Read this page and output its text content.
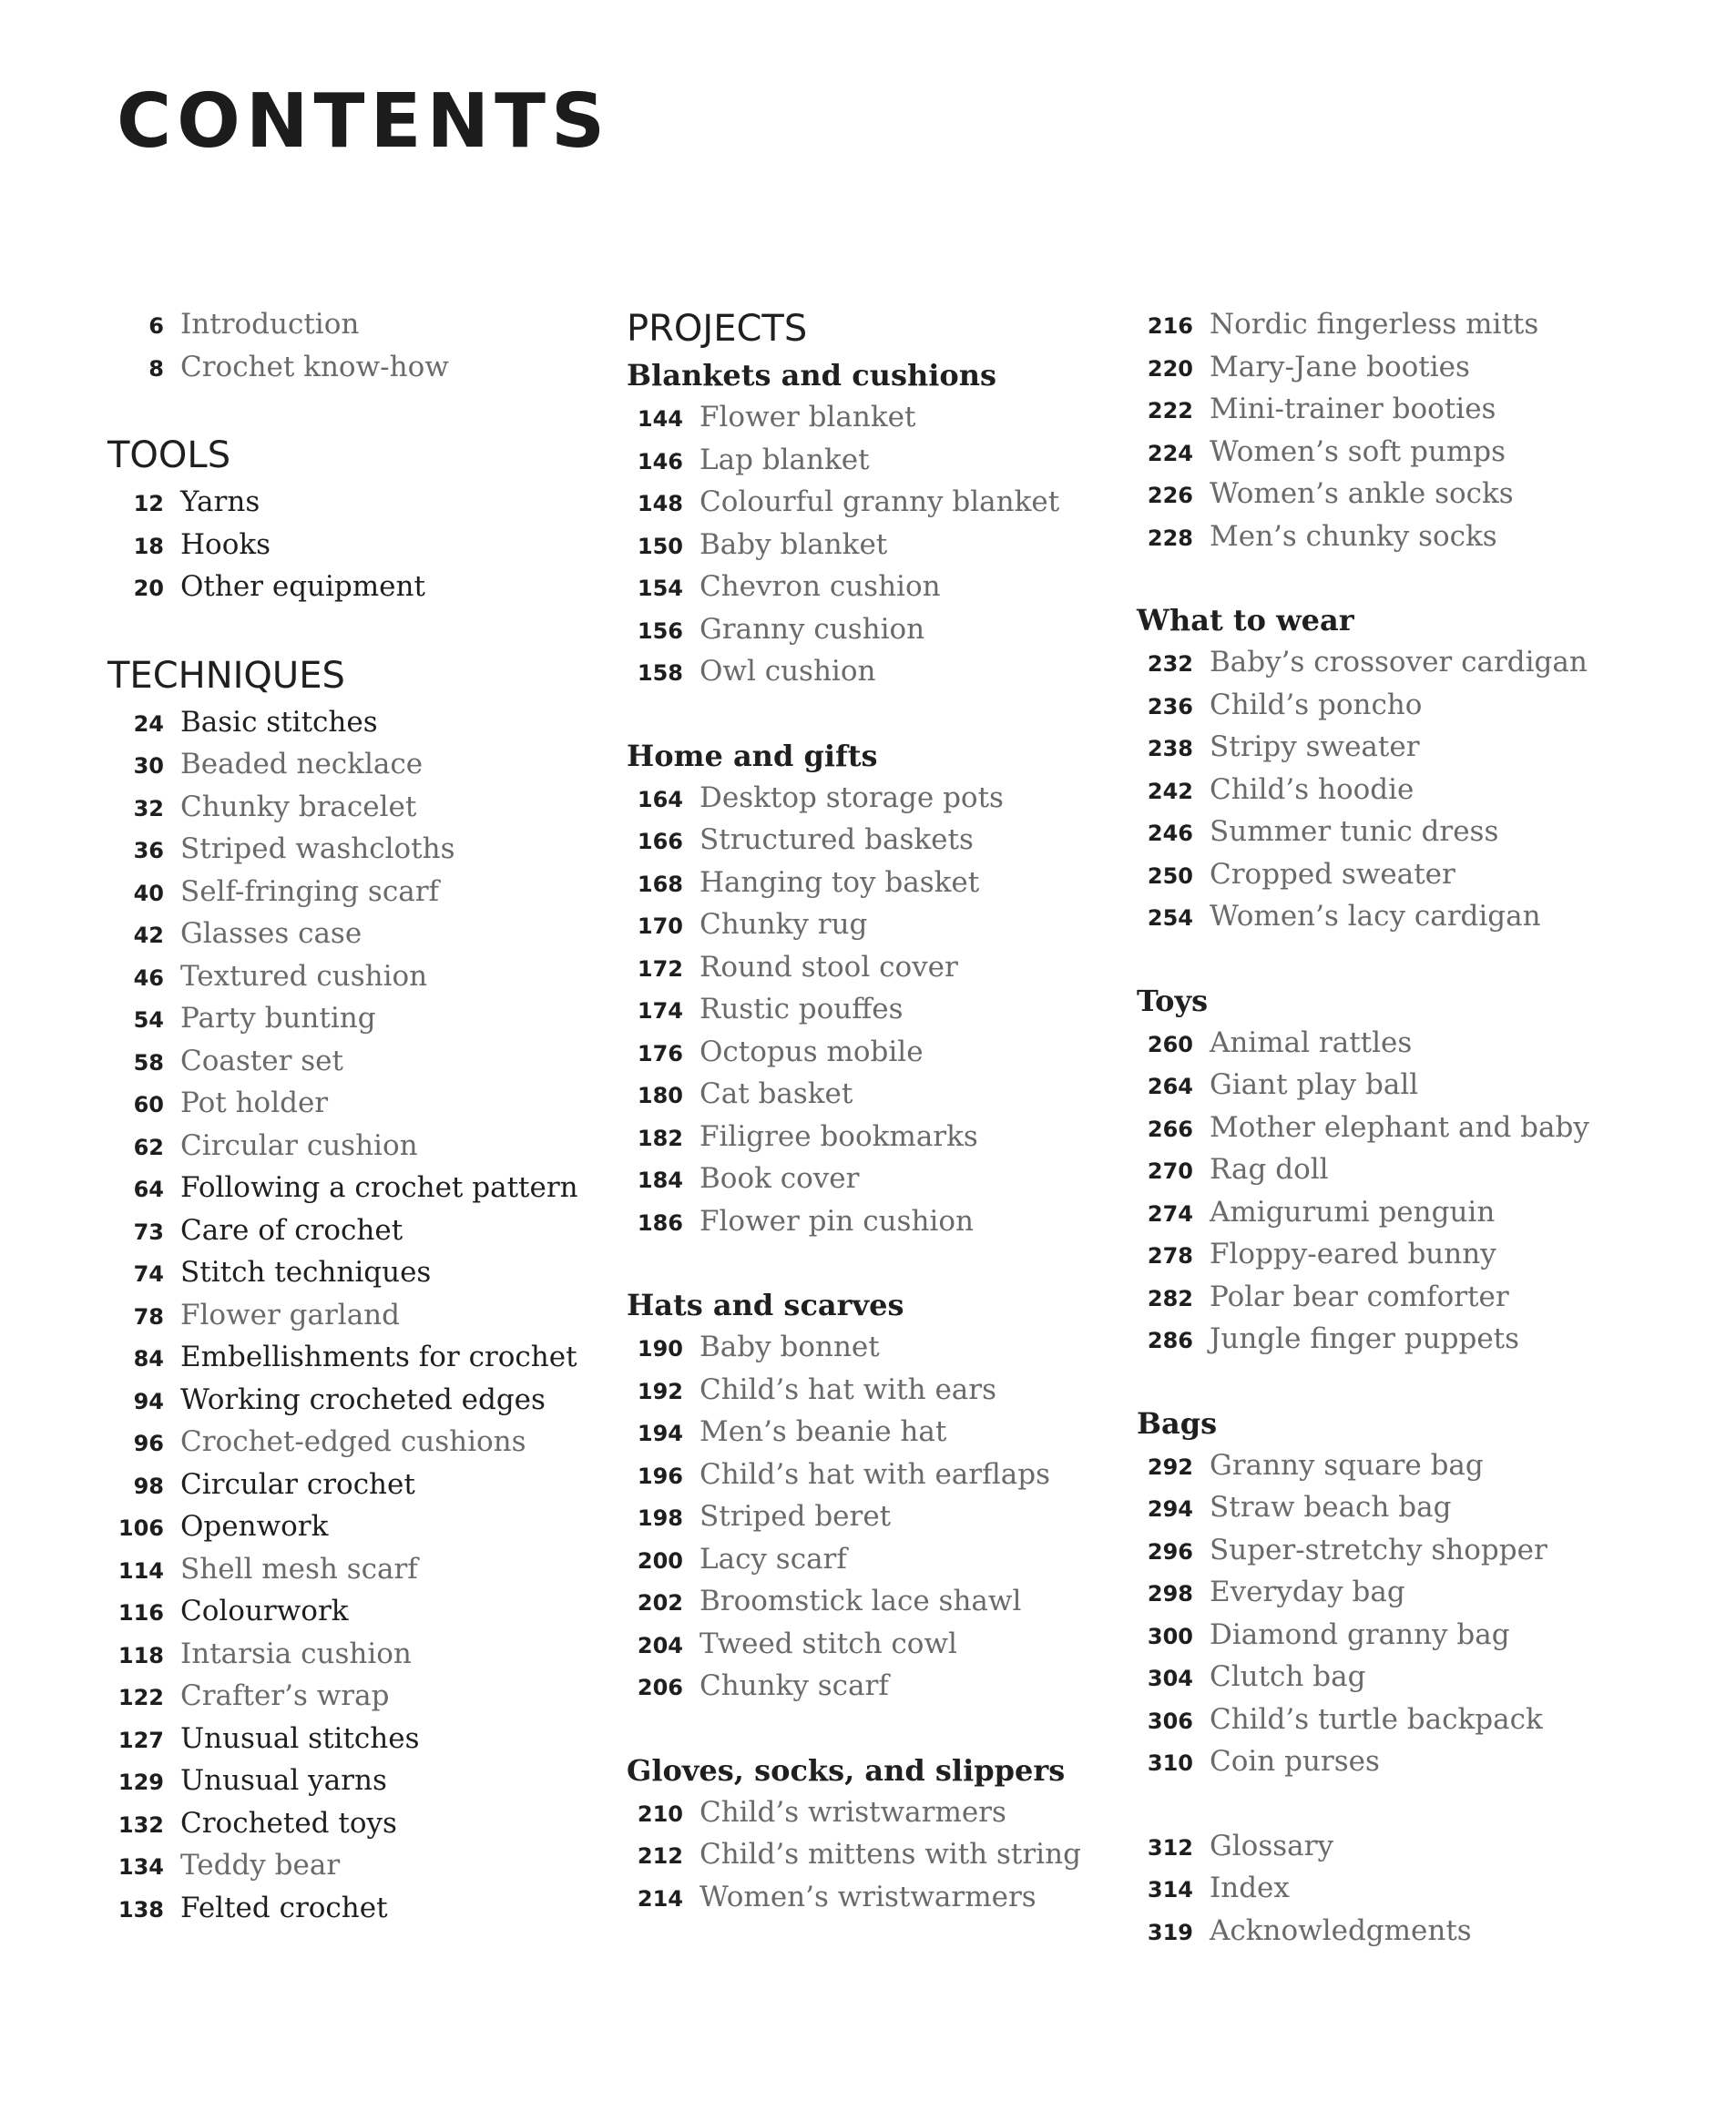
CONTENTS
6 Introduction
8 Crochet know-how
TOOLS
12 Yarns
18 Hooks
20 Other equipment
TECHNIQUES
24 Basic stitches
30 Beaded necklace
32 Chunky bracelet
36 Striped washcloths
40 Self-fringing scarf
42 Glasses case
46 Textured cushion
54 Party bunting
58 Coaster set
60 Pot holder
62 Circular cushion
64 Following a crochet pattern
73 Care of crochet
74 Stitch techniques
78 Flower garland
84 Embellishments for crochet
94 Working crocheted edges
96 Crochet-edged cushions
98 Circular crochet
106 Openwork
114 Shell mesh scarf
116 Colourwork
118 Intarsia cushion
122 Crafter’s wrap
127 Unusual stitches
129 Unusual yarns
132 Crocheted toys
134 Teddy bear
138 Felted crochet
PROJECTS
Blankets and cushions
144 Flower blanket
146 Lap blanket
148 Colourful granny blanket
150 Baby blanket
154 Chevron cushion
156 Granny cushion
158 Owl cushion
Home and gifts
164 Desktop storage pots
166 Structured baskets
168 Hanging toy basket
170 Chunky rug
172 Round stool cover
174 Rustic pouffes
176 Octopus mobile
180 Cat basket
182 Filigree bookmarks
184 Book cover
186 Flower pin cushion
Hats and scarves
190 Baby bonnet
192 Child’s hat with ears
194 Men’s beanie hat
196 Child’s hat with earflaps
198 Striped beret
200 Lacy scarf
202 Broomstick lace shawl
204 Tweed stitch cowl
206 Chunky scarf
Gloves, socks, and slippers
210 Child’s wristwarmers
212 Child’s mittens with string
214 Women’s wristwarmers
216 Nordic fingerless mitts
220 Mary-Jane booties
222 Mini-trainer booties
224 Women’s soft pumps
226 Women’s ankle socks
228 Men’s chunky socks
What to wear
232 Baby’s crossover cardigan
236 Child’s poncho
238 Stripy sweater
242 Child’s hoodie
246 Summer tunic dress
250 Cropped sweater
254 Women’s lacy cardigan
Toys
260 Animal rattles
264 Giant play ball
266 Mother elephant and baby
270 Rag doll
274 Amigurumi penguin
278 Floppy-eared bunny
282 Polar bear comforter
286 Jungle finger puppets
Bags
292 Granny square bag
294 Straw beach bag
296 Super-stretchy shopper
298 Everyday bag
300 Diamond granny bag
304 Clutch bag
306 Child’s turtle backpack
310 Coin purses
312 Glossary
314 Index
319 Acknowledgments
